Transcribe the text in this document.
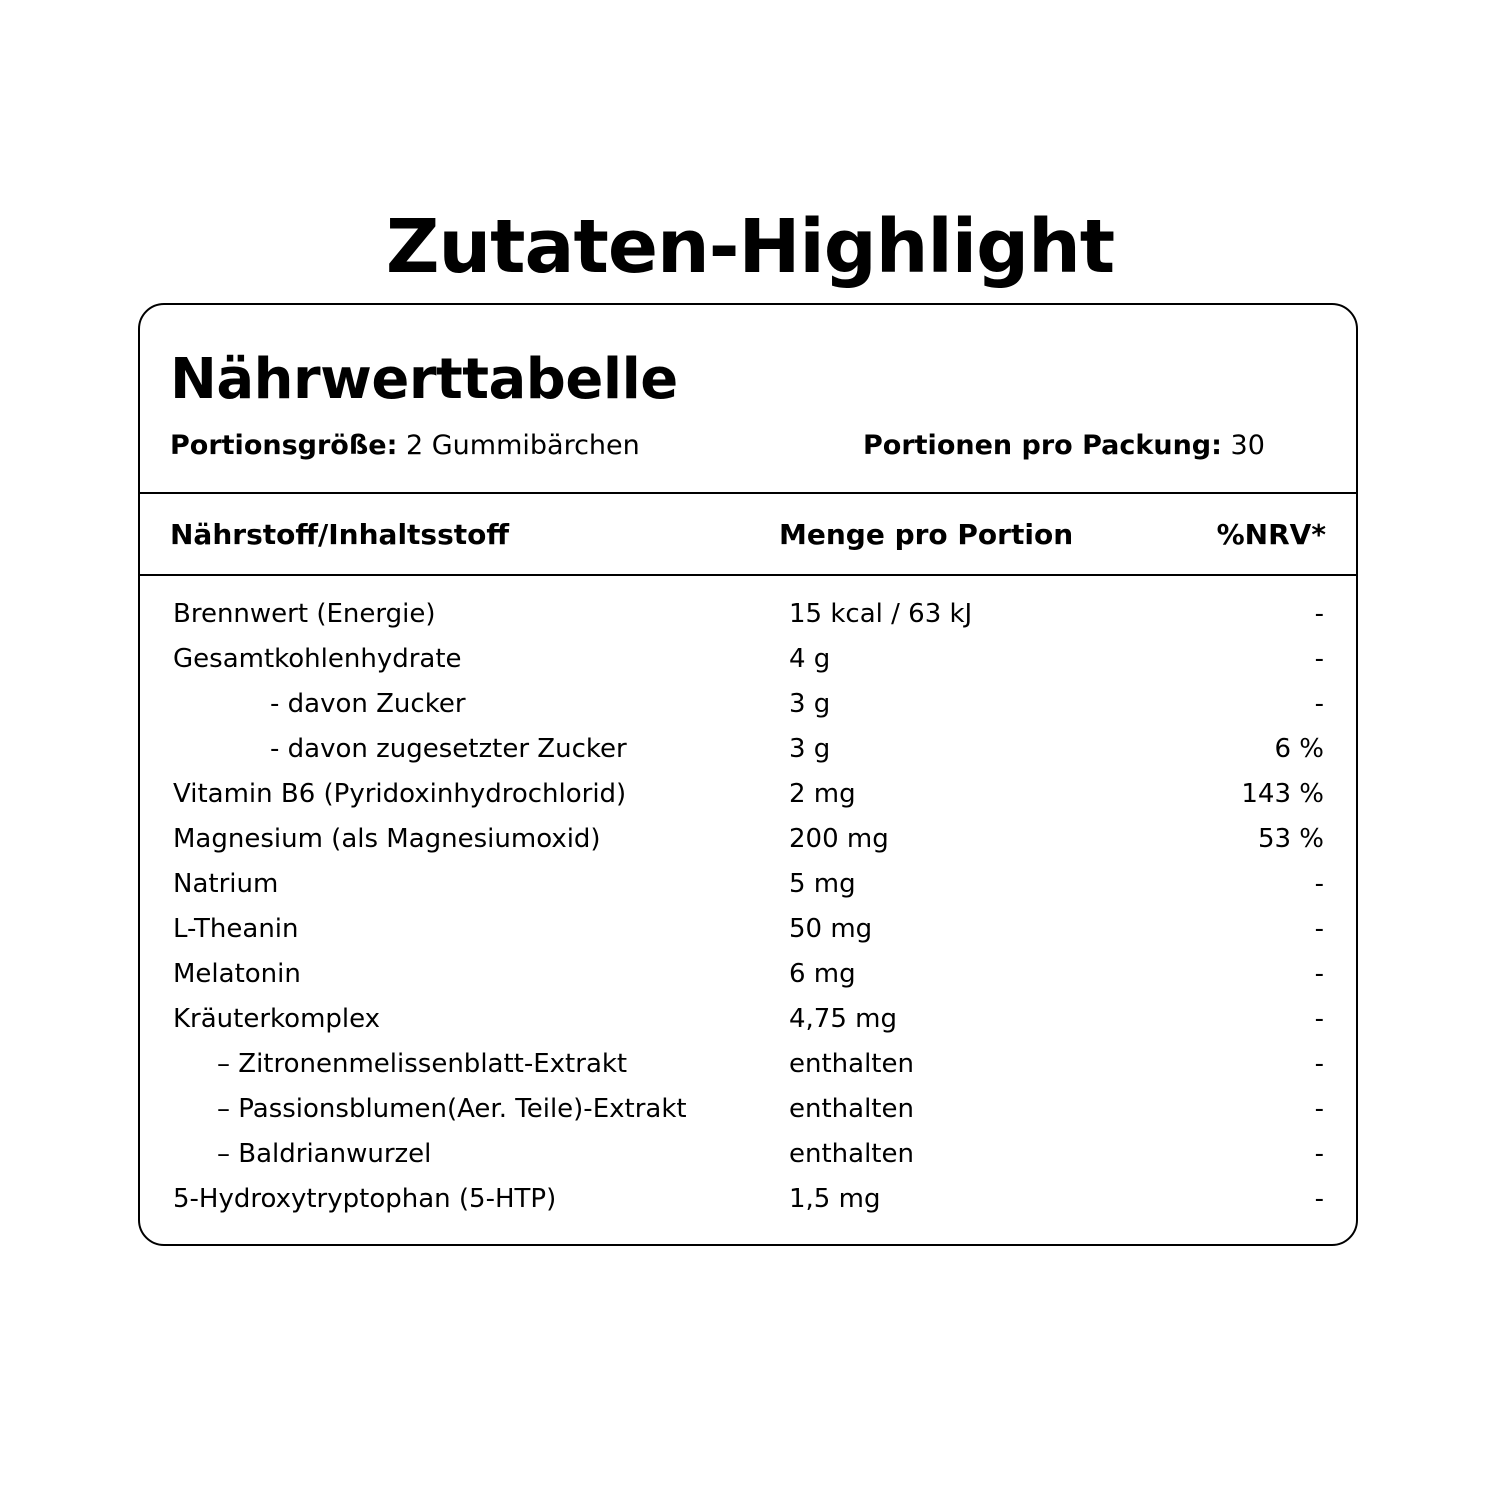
Zutaten-Highlight
Nährwerttabelle
Portionsgröße: 2 Gummibärchen	Portionen pro Packung: 30
Nährstoff/Inhaltsstoff	Menge pro Portion	%NRV*
Brennwert (Energie)	15 kcal / 63 kJ	-
Gesamtkohlenhydrate	4 g	-
- davon Zucker	3 g	-
- davon zugesetzter Zucker	3 g	6 %
Vitamin B6 (Pyridoxinhydrochlorid)	2 mg	143 %
Magnesium (als Magnesiumoxid)	200 mg	53 %
Natrium	5 mg	-
L-Theanin	50 mg	-
Melatonin	6 mg	-
Kräuterkomplex	4,75 mg	-
– Zitronenmelissenblatt-Extrakt	enthalten	-
– Passionsblumen(Aer. Teile)-Extrakt	enthalten	-
– Baldrianwurzel	enthalten	-
5-Hydroxytryptophan (5-HTP)	1,5 mg	-
